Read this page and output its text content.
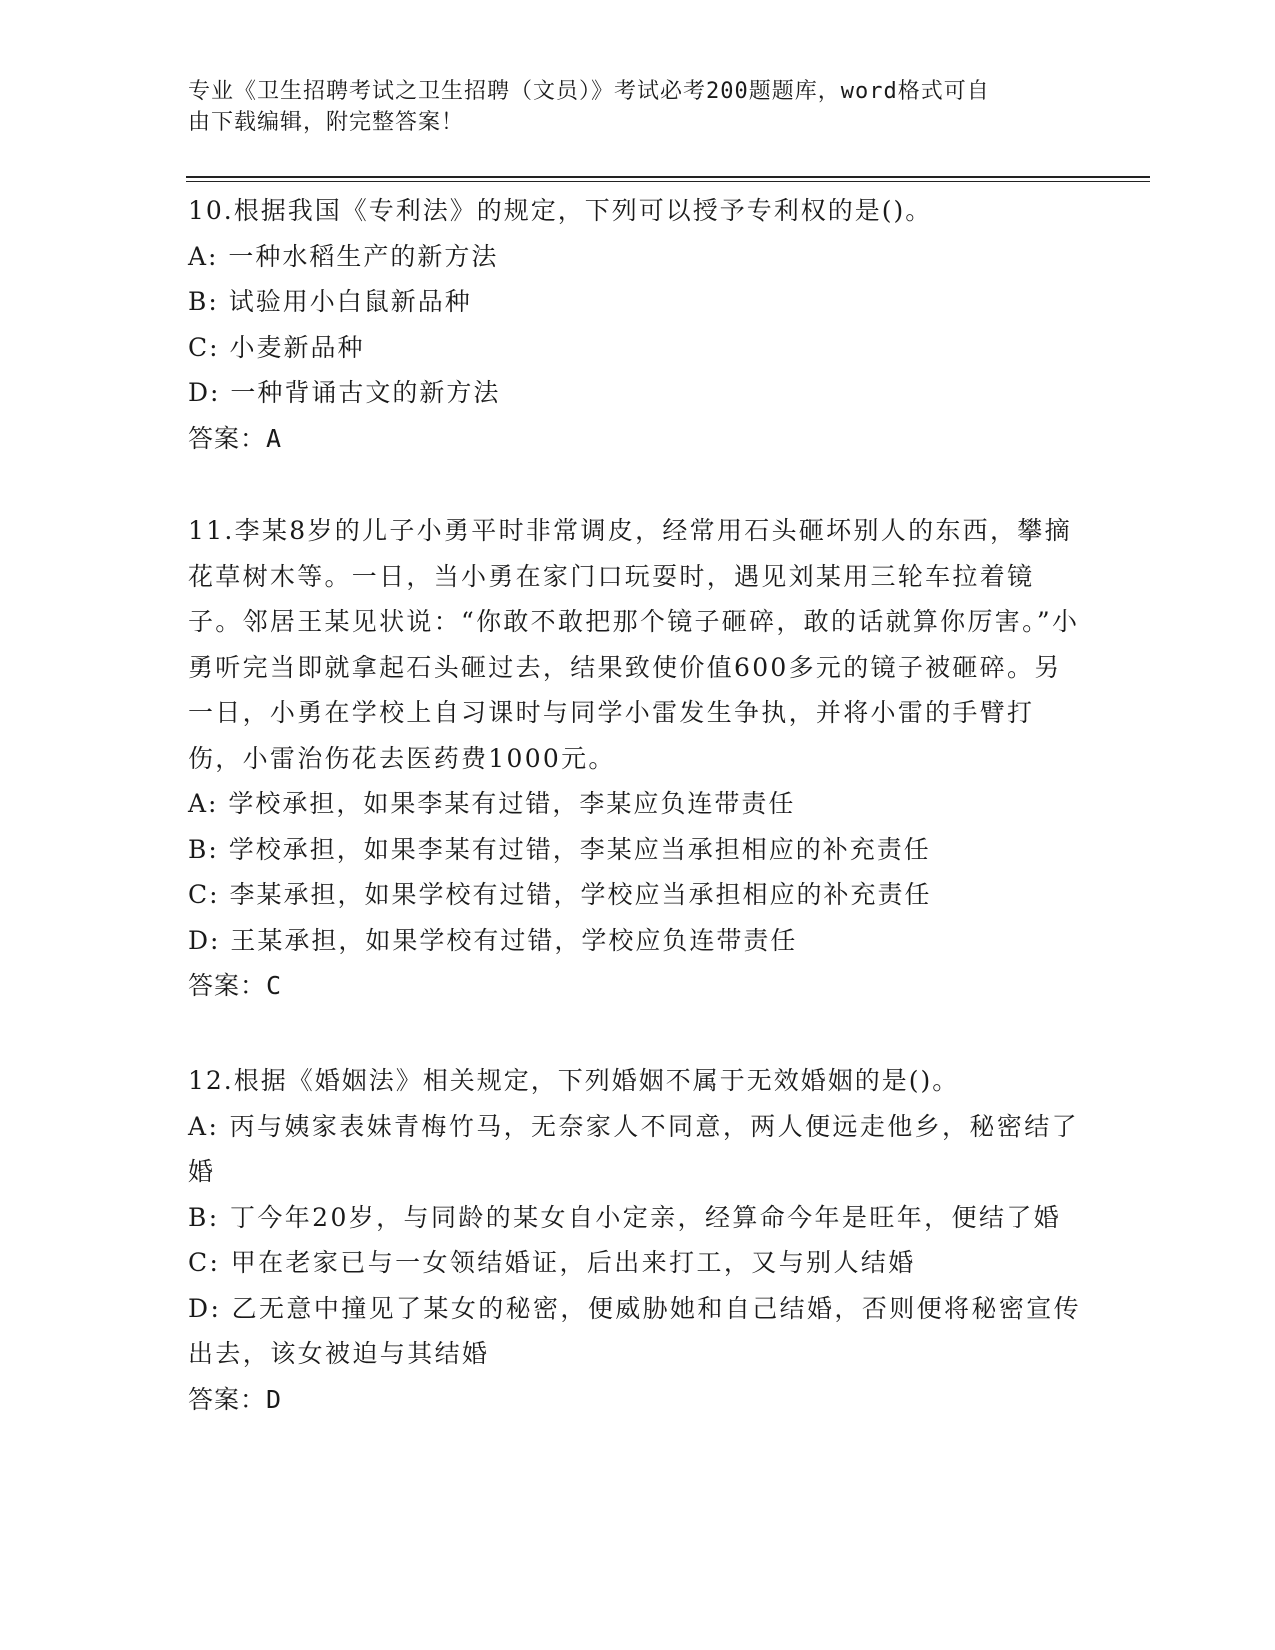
专业《卫生招聘考试之卫生招聘（文员）》考试必考200题题库，word格式可自
由下载编辑，附完整答案！

10.根据我国《专利法》的规定，下列可以授予专利权的是()。

A: 一种水稻生产的新方法

B: 试验用小白鼠新品种

C: 小麦新品种

D: 一种背诵古文的新方法

答案：A

11.李某8岁的儿子小勇平时非常调皮，经常用石头砸坏别人的东西，攀摘花草树木等。一日，当小勇在家门口玩耍时，遇见刘某用三轮车拉着镜子。邻居王某见状说：“你敢不敢把那个镜子砸碎，敢的话就算你厉害。”小勇听完当即就拿起石头砸过去，结果致使价值600多元的镜子被砸碎。另一日，小勇在学校上自习课时与同学小雷发生争执，并将小雷的手臂打伤，小雷治伤花去医药费1000元。

A: 学校承担，如果李某有过错，李某应负连带责任

B: 学校承担，如果李某有过错，李某应当承担相应的补充责任

C: 李某承担，如果学校有过错，学校应当承担相应的补充责任

D: 王某承担，如果学校有过错，学校应负连带责任

答案：C

12.根据《婚姻法》相关规定，下列婚姻不属于无效婚姻的是()。

A: 丙与姨家表妹青梅竹马，无奈家人不同意，两人便远走他乡，秘密结了婚

B: 丁今年20岁，与同龄的某女自小定亲，经算命今年是旺年，便结了婚

C: 甲在老家已与一女领结婚证，后出来打工，又与别人结婚

D: 乙无意中撞见了某女的秘密，便威胁她和自己结婚，否则便将秘密宣传出去，该女被迫与其结婚

答案：D
